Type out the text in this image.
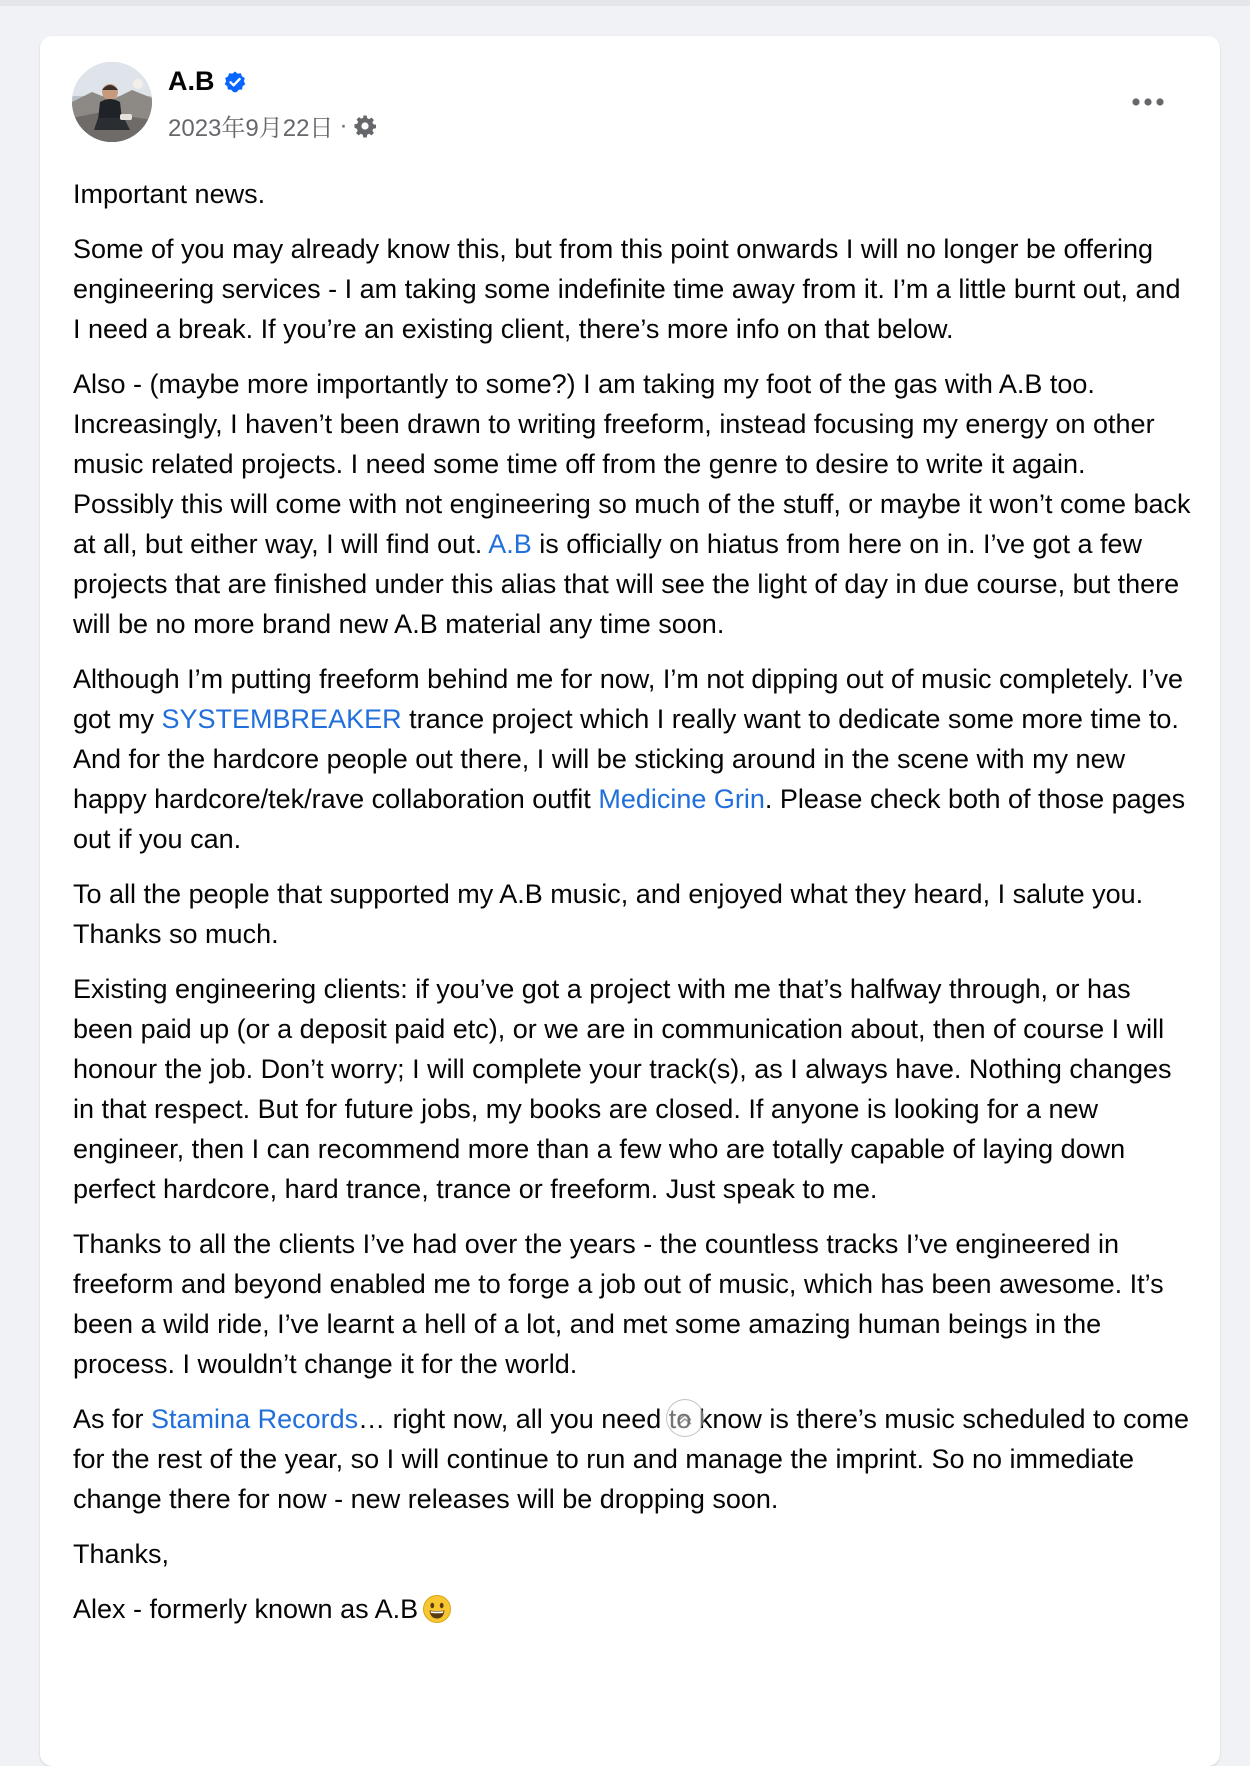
A.B
2023年9月22日 ·

Important news.

Some of you may already know this, but from this point onwards I will no longer be offering engineering services - I am taking some indefinite time away from it. I’m a little burnt out, and I need a break. If you’re an existing client, there’s more info on that below.

Also - (maybe more importantly to some?) I am taking my foot of the gas with A.B too. Increasingly, I haven’t been drawn to writing freeform, instead focusing my energy on other music related projects. I need some time off from the genre to desire to write it again. Possibly this will come with not engineering so much of the stuff, or maybe it won’t come back at all, but either way, I will find out. A.B is officially on hiatus from here on in. I’ve got a few projects that are finished under this alias that will see the light of day in due course, but there will be no more brand new A.B material any time soon.

Although I’m putting freeform behind me for now, I’m not dipping out of music completely. I’ve got my SYSTEMBREAKER trance project which I really want to dedicate some more time to. And for the hardcore people out there, I will be sticking around in the scene with my new happy hardcore/tek/rave collaboration outfit Medicine Grin. Please check both of those pages out if you can.

To all the people that supported my A.B music, and enjoyed what they heard, I salute you. Thanks so much.

Existing engineering clients: if you’ve got a project with me that’s halfway through, or has been paid up (or a deposit paid etc), or we are in communication about, then of course I will honour the job. Don’t worry; I will complete your track(s), as I always have. Nothing changes in that respect. But for future jobs, my books are closed. If anyone is looking for a new engineer, then I can recommend more than a few who are totally capable of laying down perfect hardcore, hard trance, trance or freeform. Just speak to me.

Thanks to all the clients I’ve had over the years - the countless tracks I’ve engineered in freeform and beyond enabled me to forge a job out of music, which has been awesome. It’s been a wild ride, I’ve learnt a hell of a lot, and met some amazing human beings in the process. I wouldn’t change it for the world.

As for Stamina Records… right now, all you need to know is there’s music scheduled to come for the rest of the year, so I will continue to run and manage the imprint. So no immediate change there for now - new releases will be dropping soon.

Thanks,

Alex - formerly known as A.B
